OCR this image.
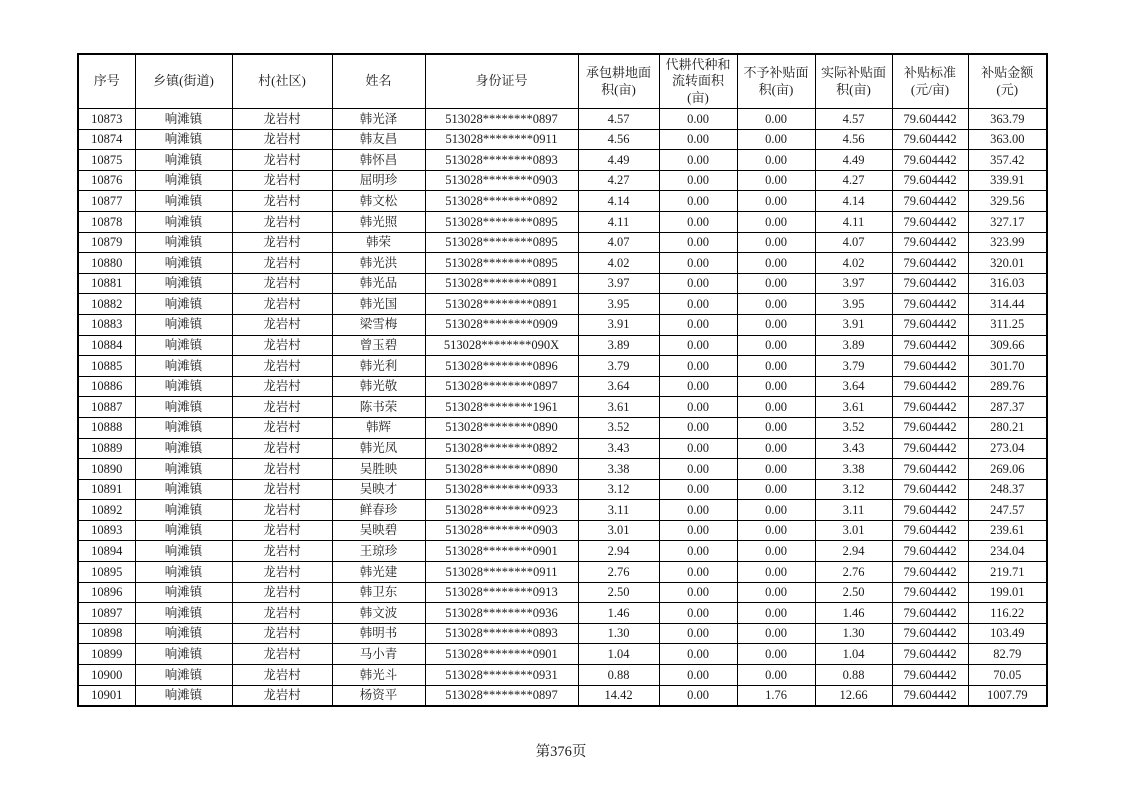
序号	乡镇(街道)	村(社区)	姓名	身份证号	承包耕地面积(亩)	代耕代种和流转面积(亩)	不予补贴面积(亩)	实际补贴面积(亩)	补贴标准(元/亩)	补贴金额(元)
10873	响滩镇	龙岩村	韩光泽	513028********0897	4.57	0.00	0.00	4.57	79.604442	363.79
10874	响滩镇	龙岩村	韩友昌	513028********0911	4.56	0.00	0.00	4.56	79.604442	363.00
10875	响滩镇	龙岩村	韩怀昌	513028********0893	4.49	0.00	0.00	4.49	79.604442	357.42
10876	响滩镇	龙岩村	屈明珍	513028********0903	4.27	0.00	0.00	4.27	79.604442	339.91
10877	响滩镇	龙岩村	韩文松	513028********0892	4.14	0.00	0.00	4.14	79.604442	329.56
10878	响滩镇	龙岩村	韩光照	513028********0895	4.11	0.00	0.00	4.11	79.604442	327.17
10879	响滩镇	龙岩村	韩荣	513028********0895	4.07	0.00	0.00	4.07	79.604442	323.99
10880	响滩镇	龙岩村	韩光洪	513028********0895	4.02	0.00	0.00	4.02	79.604442	320.01
10881	响滩镇	龙岩村	韩光品	513028********0891	3.97	0.00	0.00	3.97	79.604442	316.03
10882	响滩镇	龙岩村	韩光国	513028********0891	3.95	0.00	0.00	3.95	79.604442	314.44
10883	响滩镇	龙岩村	梁雪梅	513028********0909	3.91	0.00	0.00	3.91	79.604442	311.25
10884	响滩镇	龙岩村	曾玉碧	513028********090X	3.89	0.00	0.00	3.89	79.604442	309.66
10885	响滩镇	龙岩村	韩光利	513028********0896	3.79	0.00	0.00	3.79	79.604442	301.70
10886	响滩镇	龙岩村	韩光敬	513028********0897	3.64	0.00	0.00	3.64	79.604442	289.76
10887	响滩镇	龙岩村	陈书荣	513028********1961	3.61	0.00	0.00	3.61	79.604442	287.37
10888	响滩镇	龙岩村	韩辉	513028********0890	3.52	0.00	0.00	3.52	79.604442	280.21
10889	响滩镇	龙岩村	韩光凤	513028********0892	3.43	0.00	0.00	3.43	79.604442	273.04
10890	响滩镇	龙岩村	吴胜映	513028********0890	3.38	0.00	0.00	3.38	79.604442	269.06
10891	响滩镇	龙岩村	吴映才	513028********0933	3.12	0.00	0.00	3.12	79.604442	248.37
10892	响滩镇	龙岩村	鲜春珍	513028********0923	3.11	0.00	0.00	3.11	79.604442	247.57
10893	响滩镇	龙岩村	吴映碧	513028********0903	3.01	0.00	0.00	3.01	79.604442	239.61
10894	响滩镇	龙岩村	王琼珍	513028********0901	2.94	0.00	0.00	2.94	79.604442	234.04
10895	响滩镇	龙岩村	韩光建	513028********0911	2.76	0.00	0.00	2.76	79.604442	219.71
10896	响滩镇	龙岩村	韩卫东	513028********0913	2.50	0.00	0.00	2.50	79.604442	199.01
10897	响滩镇	龙岩村	韩文波	513028********0936	1.46	0.00	0.00	1.46	79.604442	116.22
10898	响滩镇	龙岩村	韩明书	513028********0893	1.30	0.00	0.00	1.30	79.604442	103.49
10899	响滩镇	龙岩村	马小青	513028********0901	1.04	0.00	0.00	1.04	79.604442	82.79
10900	响滩镇	龙岩村	韩光斗	513028********0931	0.88	0.00	0.00	0.88	79.604442	70.05
10901	响滩镇	龙岩村	杨资平	513028********0897	14.42	0.00	1.76	12.66	79.604442	1007.79
第376页
